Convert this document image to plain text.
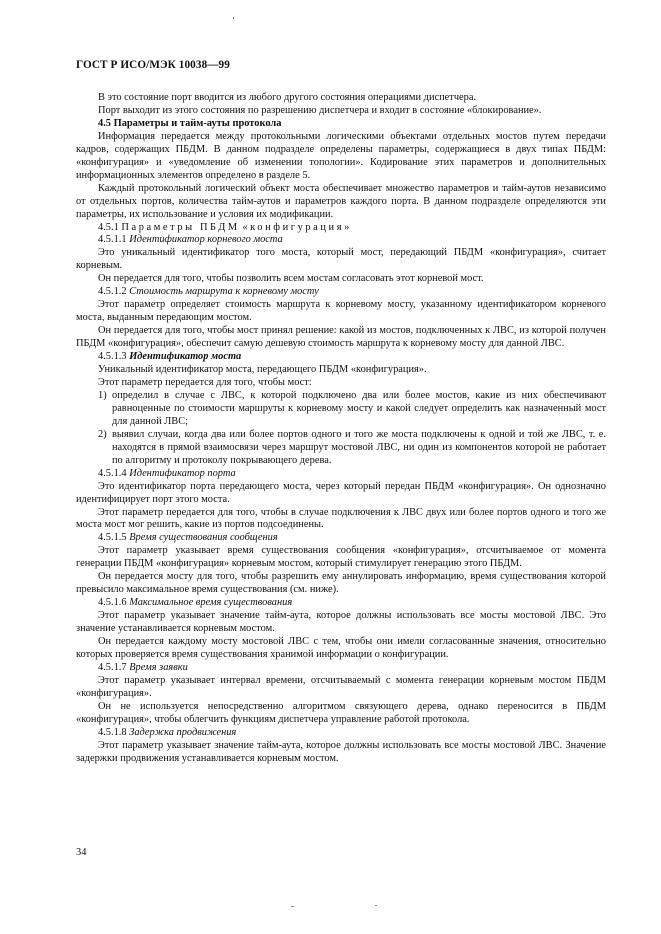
ГОСТ Р ИСО/МЭК 10038—99

В это состояние порт вводится из любого другого состояния операциями диспетчера.

Порт выходит из этого состояния по разрешению диспетчера и входит в состояние «блокирование».

4.5 Параметры и тайм-ауты протокола

Информация передается между протокольными логическими объектами отдельных мостов путем передачи кадров, содержащих ПБДМ. В данном подразделе определены параметры, содержащиеся в двух типах ПБДМ: «конфигурация» и «уведомление об изменении топологии». Кодирование этих параметров и дополнительных информационных элементов определено в разделе 5.

Каждый протокольный логический объект моста обеспечивает множество параметров и тайм-аутов независимо от отдельных портов, количества тайм-аутов и параметров каждого порта. В данном подразделе определяются эти параметры, их использование и условия их модификации.

4.5.1 Параметры ПБДМ «конфигурация»

4.5.1.1 Идентификатор корневого моста

Это уникальный идентификатор того моста, который мост, передающий ПБДМ «конфигурация», считает корневым.

Он передается для того, чтобы позволить всем мостам согласовать этот корневой мост.

4.5.1.2 Стоимость маршрута к корневому мосту

Этот параметр определяет стоимость маршрута к корневому мосту, указанному идентификатором корневого моста, выданным передающим мостом.

Он передается для того, чтобы мост принял решение: какой из мостов, подключенных к ЛВС, из которой получен ПБДМ «конфигурация», обеспечит самую дешевую стоимость маршрута к корневому мосту для данной ЛВС.

4.5.1.3 Идентификатор моста

Уникальный идентификатор моста, передающего ПБДМ «конфигурация».

Этот параметр передается для того, чтобы мост:

1) определил в случае с ЛВС, к которой подключено два или более мостов, какие из них обеспечивают равноценные по стоимости маршруты к корневому мосту и какой следует определить как назначенный мост для данной ЛВС;
2) выявил случаи, когда два или более портов одного и того же моста подключены к одной и той же ЛВС, т. е. находятся в прямой взаимосвязи через маршрут мостовой ЛВС, ни один из компонентов которой не работает по алгоритму и протоколу покрывающего дерева.

4.5.1.4 Идентификатор порта

Это идентификатор порта передающего моста, через который передан ПБДМ «конфигурация». Он однозначно идентифицирует порт этого моста.

Этот параметр передается для того, чтобы в случае подключения к ЛВС двух или более портов одного и того же моста мост мог решить, какие из портов подсоединены.

4.5.1.5 Время существования сообщения

Этот параметр указывает время существования сообщения «конфигурация», отсчитываемое от момента генерации ПБДМ «конфигурация» корневым мостом, который стимулирует генерацию этого ПБДМ.

Он передается мосту для того, чтобы разрешить ему аннулировать информацию, время существования которой превысило максимальное время существования (см. ниже).

4.5.1.6 Максимальное время существования

Этот параметр указывает значение тайм-аута, которое должны использовать все мосты мостовой ЛВС. Это значение устанавливается корневым мостом.

Он передается каждому мосту мостовой ЛВС с тем, чтобы они имели согласованные значения, относительно которых проверяется время существования хранимой информации о конфигурации.

4.5.1.7 Время заявки

Этот параметр указывает интервал времени, отсчитываемый с момента генерации корневым мостом ПБДМ «конфигурация».

Он не используется непосредственно алгоритмом связующего дерева, однако переносится в ПБДМ «конфигурация», чтобы облегчить функциям диспетчера управление работой протокола.

4.5.1.8 Задержка продвижения

Этот параметр указывает значение тайм-аута, которое должны использовать все мосты мостовой ЛВС. Значение задержки продвижения устанавливается корневым мостом.

34
